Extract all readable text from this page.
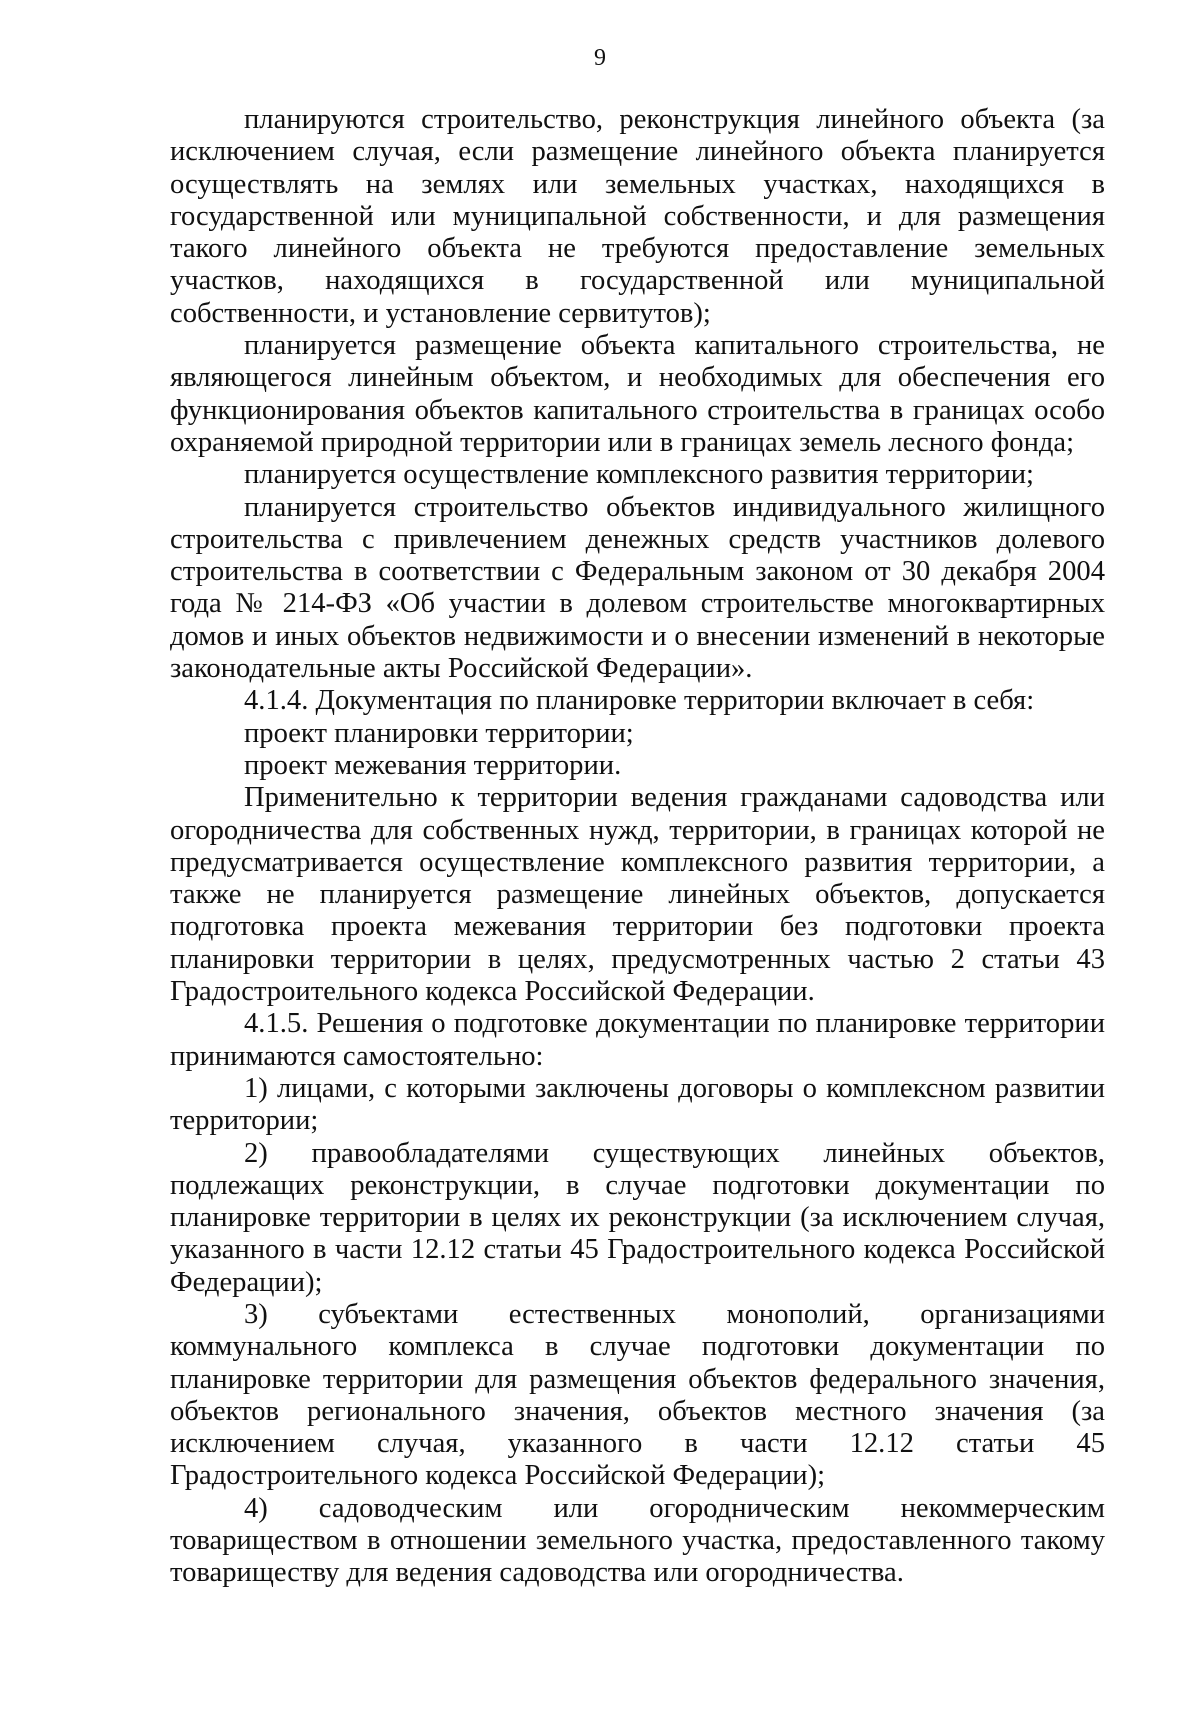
9

планируются строительство, реконструкция линейного объекта (за исключением случая, если размещение линейного объекта планируется осуществлять на землях или земельных участках, находящихся в государственной или муниципальной собственности, и для размещения такого линейного объекта не требуются предоставление земельных участков, находящихся в государственной или муниципальной собственности, и установление сервитутов);

планируется размещение объекта капитального строительства, не являющегося линейным объектом, и необходимых для обеспечения его функционирования объектов капитального строительства в границах особо охраняемой природной территории или в границах земель лесного фонда;

планируется осуществление комплексного развития территории;

планируется строительство объектов индивидуального жилищного строительства с привлечением денежных средств участников долевого строительства в соответствии с Федеральным законом от 30 декабря 2004 года № 214-ФЗ «Об участии в долевом строительстве многоквартирных домов и иных объектов недвижимости и о внесении изменений в некоторые законодательные акты Российской Федерации».

4.1.4. Документация по планировке территории включает в себя:

проект планировки территории;

проект межевания территории.

Применительно к территории ведения гражданами садоводства или огородничества для собственных нужд, территории, в границах которой не предусматривается осуществление комплексного развития территории, а также не планируется размещение линейных объектов, допускается подготовка проекта межевания территории без подготовки проекта планировки территории в целях, предусмотренных частью 2 статьи 43 Градостроительного кодекса Российской Федерации.

4.1.5. Решения о подготовке документации по планировке территории принимаются самостоятельно:

1) лицами, с которыми заключены договоры о комплексном развитии территории;

2) правообладателями существующих линейных объектов, подлежащих реконструкции, в случае подготовки документации по планировке территории в целях их реконструкции (за исключением случая, указанного в части 12.12 статьи 45 Градостроительного кодекса Российской Федерации);

3) субъектами естественных монополий, организациями коммунального комплекса в случае подготовки документации по планировке территории для размещения объектов федерального значения, объектов регионального значения, объектов местного значения (за исключением случая, указанного в части 12.12 статьи 45 Градостроительного кодекса Российской Федерации);

4) садоводческим или огородническим некоммерческим товариществом в отношении земельного участка, предоставленного такому товариществу для ведения садоводства или огородничества.
